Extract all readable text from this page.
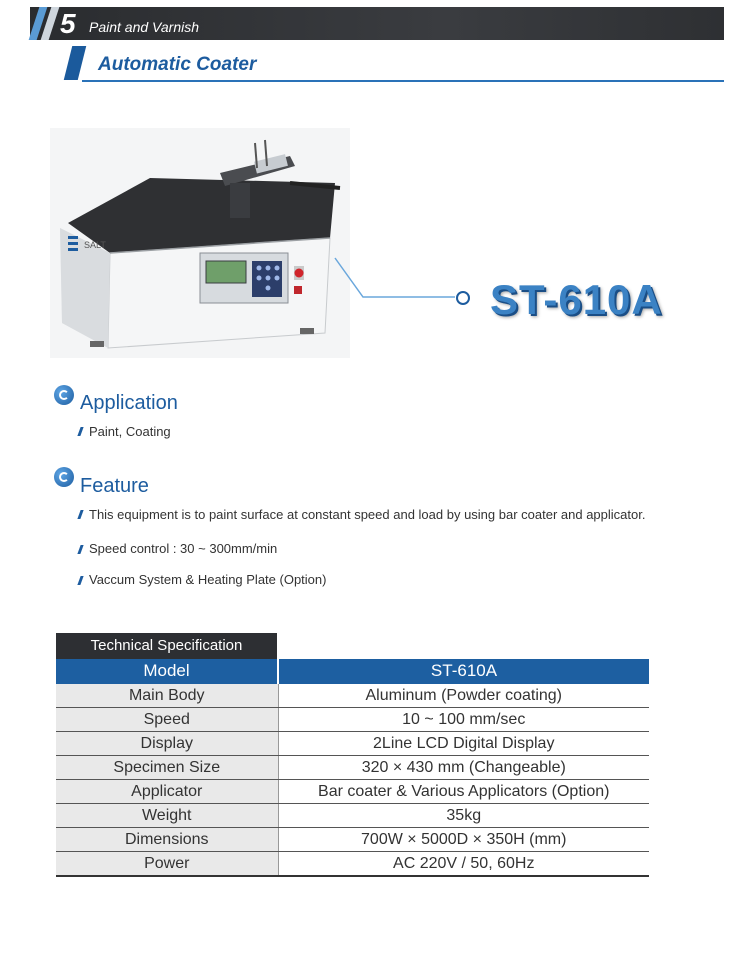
5 Paint and Varnish
Automatic Coater
SALT
ST-610A
Application
Paint, Coating
Feature
This equipment is to paint surface at constant speed and load by using bar coater and applicator.
Speed control : 30 ~ 300mm/min
Vaccum System & Heating Plate (Option)
Technical Specification
Model	ST-610A
Main Body	Aluminum (Powder coating)
Speed	10 ~ 100 mm/sec
Display	2Line LCD Digital Display
Specimen Size	320 × 430 mm (Changeable)
Applicator	Bar coater & Various Applicators (Option)
Weight	35kg
Dimensions	700W × 5000D × 350H (mm)
Power	AC 220V / 50, 60Hz
